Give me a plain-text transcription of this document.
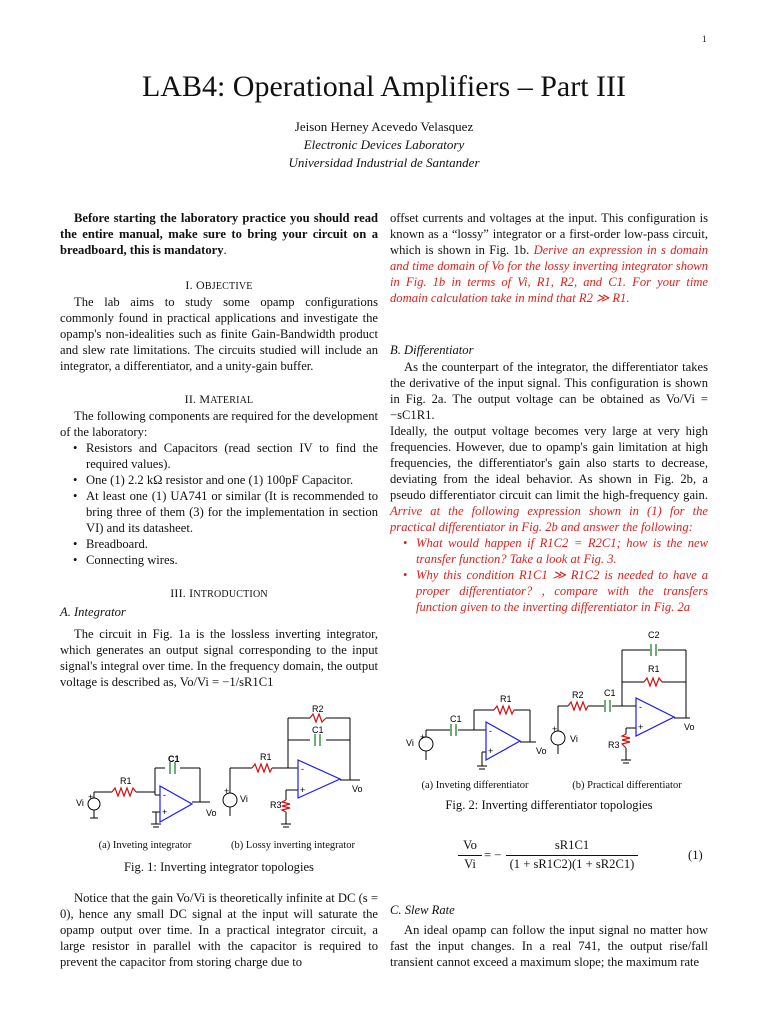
1
LAB4: Operational Amplifiers – Part III
Jeison Herney Acevedo Velasquez
Electronic Devices Laboratory
Universidad Industrial de Santander

Before starting the laboratory practice you should read the entire manual, make sure to bring your circuit on a breadboard, this is mandatory.

I. OBJECTIVE

The lab aims to study some opamp configurations commonly found in practical applications and investigate the opamp's non-idealities such as finite Gain-Bandwidth product and slew rate limitations. The circuits studied will include an integrator, a differentiator, and a unity-gain buffer.

II. MATERIAL

The following components are required for the development of the laboratory:

• Resistors and Capacitors (read section IV to find the required values).
• One (1) 2.2 kΩ resistor and one (1) 100pF Capacitor.
• At least one (1) UA741 or similar (It is recommended to bring three of them (3) for the implementation in section VI) and its datasheet.
• Breadboard.
• Connecting wires.
III. INTRODUCTION
A. Integrator

The circuit in Fig. 1a is the lossless inverting integrator, which generates an output signal corresponding to the input signal's integral over time. In the frequency domain, the output voltage is described as, Vo/Vi = −1/sR1C1

R1
C1
Vi
Vo
R1
R2
C1
Vi
R3
Vo
-
+
-
+
+
+
(a) Inveting integrator	(b) Lossy inverting integrator
Fig. 1: Inverting integrator topologies

Notice that the gain Vo/Vi is theoretically infinite at DC (s = 0), hence any small DC signal at the input will saturate the opamp output over time. In a practical integrator circuit, a large resistor in parallel with the capacitor is required to prevent the capacitor from storing charge due to

offset currents and voltages at the input. This configuration is known as a “lossy” integrator or a first-order low-pass circuit, which is shown in Fig. 1b. Derive an expression in s domain and time domain of Vo for the lossy inverting integrator shown in Fig. 1b in terms of Vi, R1, R2, and C1. For your time domain calculation take in mind that R2 ≫ R1.

B. Differentiator

As the counterpart of the integrator, the differentiator takes the derivative of the input signal. This configuration is shown in Fig. 2a. The output voltage can be obtained as Vo/Vi = −sC1R1.

Ideally, the output voltage becomes very large at very high frequencies. However, due to opamp's gain limitation at high frequencies, the differentiator's gain also starts to decrease, deviating from the ideal behavior. As shown in Fig. 2b, a pseudo differentiator circuit can limit the high-frequency gain. Arrive at the following expression shown in (1) for the practical differentiator in Fig. 2b and answer the following:

• What would happen if R1C2 = R2C1; how is the new transfer function? Take a look at Fig. 3.
• Why this condition R1C1 ≫ R1C2 is needed to have a proper differentiator? , compare with the transfers function given to the inverting differentiator in Fig. 2a
C1
R1
Vi
Vo
R2 C1
C2
R1
Vi
R3
Vo
-
+
-
+
+
+
(a) Inveting differentiator	(b) Practical differentiator
Fig. 2: Inverting differentiator topologies
Vo
Vi
= −
sR1C1
(1 + sR1C2)(1 + sR2C1)
(1)
C. Slew Rate

An ideal opamp can follow the input signal no matter how fast the input changes. In a real 741, the output rise/fall transient cannot exceed a maximum slope; the maximum rate
